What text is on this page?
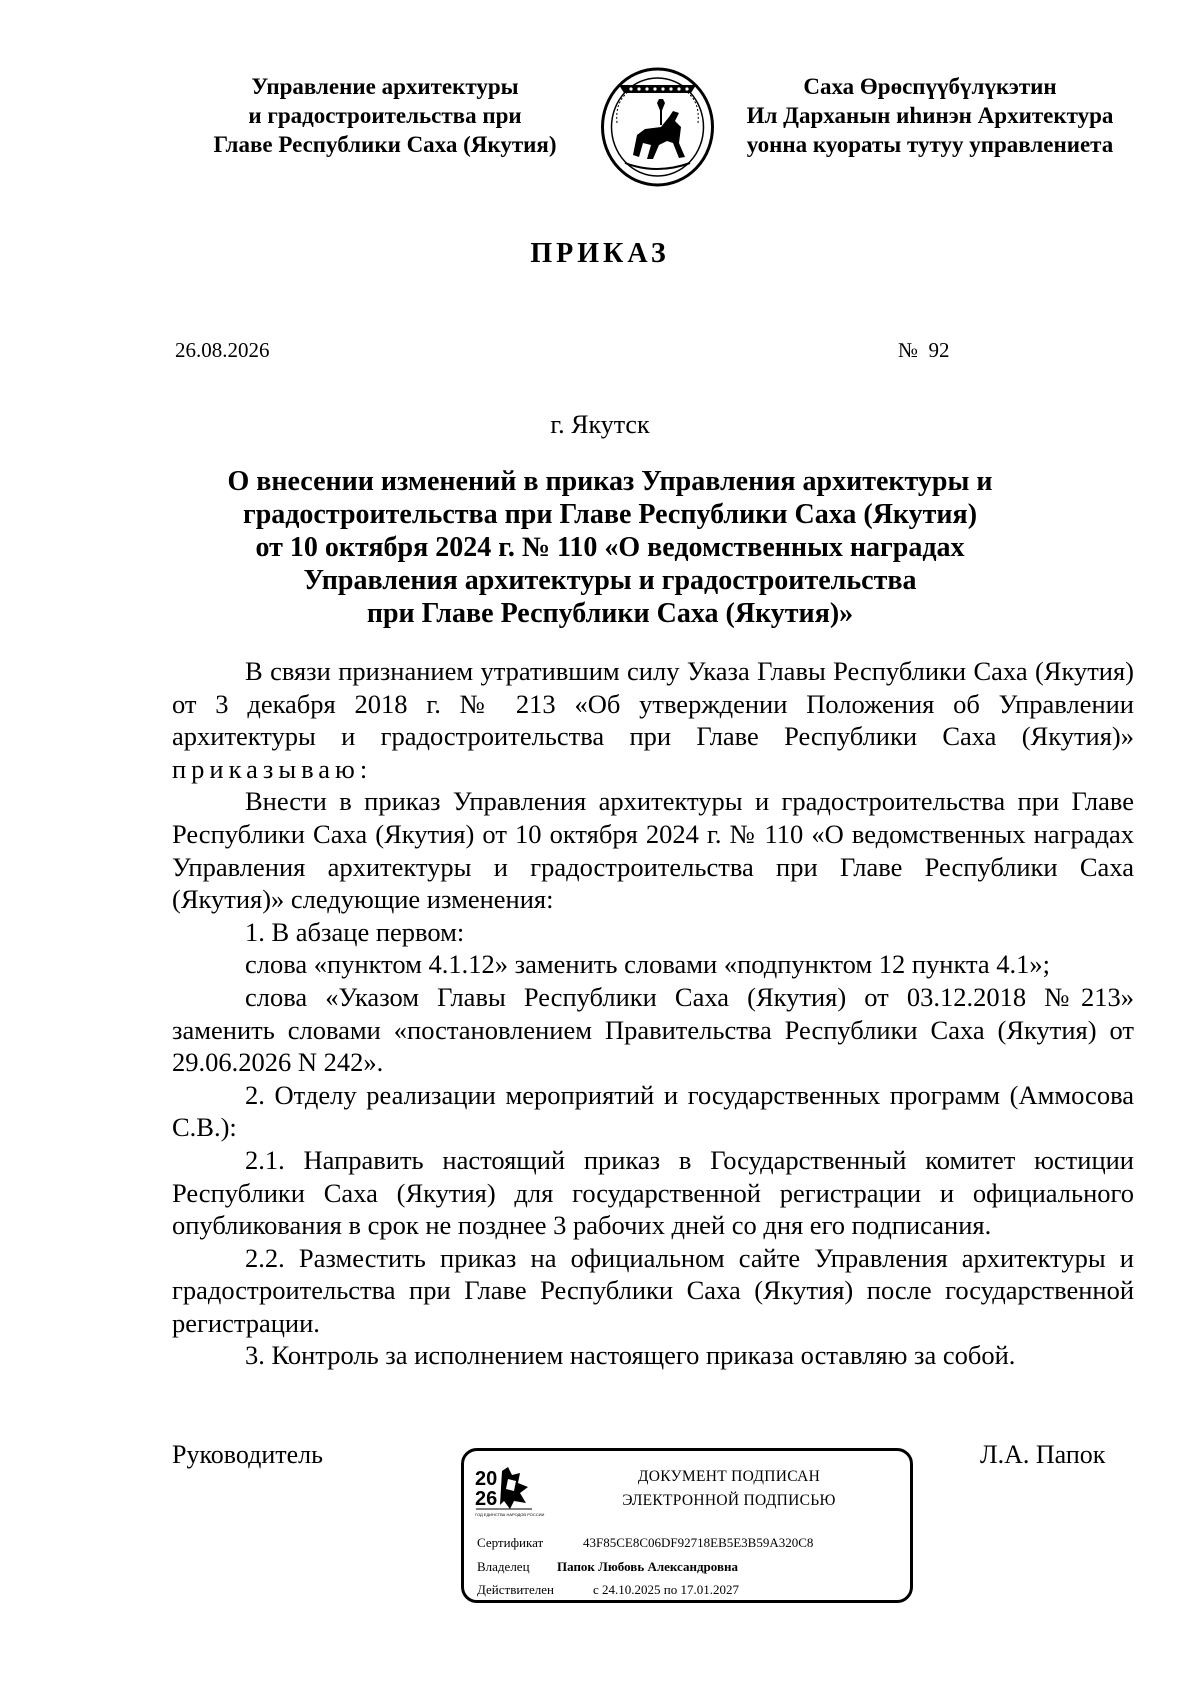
Управление архитектуры
и градостроительства при
Главе Республики Саха (Якутия)
Саха Өрөспүүбүлүкэтин
Ил Дарханын иһинэн Архитектура
уонна куораты тутуу управлениета
ПРИКАЗ
26.08.2026	№  92
г. Якутск
О внесении изменений в приказ Управления архитектуры и
градостроительства при Главе Республики Саха (Якутия)
от 10 октября 2024 г. № 110 «О ведомственных наградах
Управления архитектуры и градостроительства
при Главе Республики Саха (Якутия)»

В связи признанием утратившим силу Указа Главы Республики Саха (Якутия) от 3 декабря 2018 г. № 213 «Об утверждении Положения об Управлении архитектуры и градостроительства при Главе Республики Саха (Якутия)» приказываю:

Внести в приказ Управления архитектуры и градостроительства при Главе Республики Саха (Якутия) от 10 октября 2024 г. № 110 «О ведомственных наградах Управления архитектуры и градостроительства при Главе Республики Саха (Якутия)» следующие изменения:

1. В абзаце первом:

слова «пунктом 4.1.12» заменить словами «подпунктом 12 пункта 4.1»;

слова «Указом Главы Республики Саха (Якутия) от 03.12.2018 №213» заменить словами «постановлением Правительства Республики Саха (Якутия) от 29.06.2026 N 242».

2. Отделу реализации мероприятий и государственных программ (Аммосова С.В.):

2.1. Направить настоящий приказ в Государственный комитет юстиции Республики Саха (Якутия) для государственной регистрации и официального опубликования в срок не позднее 3 рабочих дней со дня его подписания.

2.2. Разместить приказ на официальном сайте Управления архитектуры и градостроительства при Главе Республики Саха (Якутия) после государственной регистрации.

3. Контроль за исполнением настоящего приказа оставляю за собой.

Руководитель	Л.А. Папок
20
26
ГОД ЕДИНСТВА НАРОДОВ РОССИИ
ДОКУМЕНТ ПОДПИСАН
ЭЛЕКТРОННОЙ ПОДПИСЬЮ
Сертификат	43F85CE8C06DF92718EB5E3B59A320C8
Владелец Папок Любовь Александровна
Действителен	с 24.10.2025 по 17.01.2027
